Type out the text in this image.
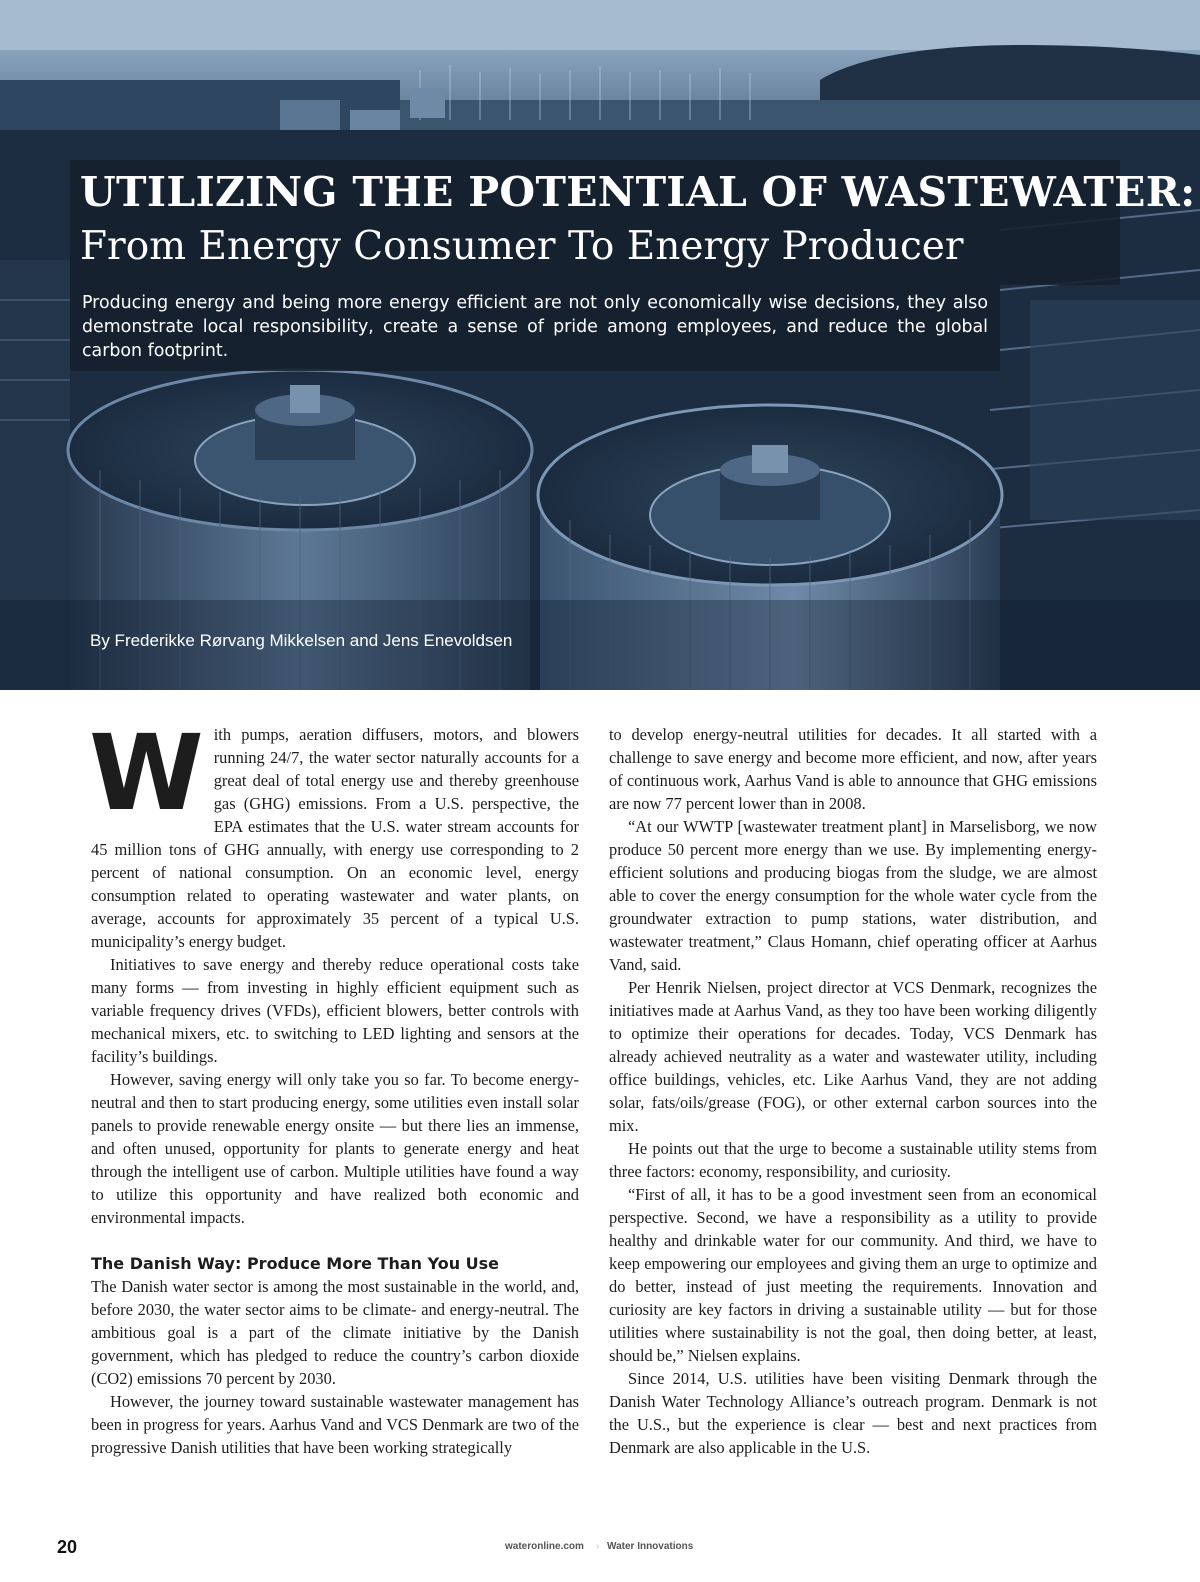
UTILIZING THE POTENTIAL OF WASTEWATER:
From Energy Consumer To Energy Producer
Producing energy and being more energy efficient are not only economically wise decisions, they also demonstrate local responsibility, create a sense of pride among employees, and reduce the global carbon footprint.
By Frederikke Rørvang Mikkelsen and Jens Enevoldsen

With pumps, aeration diffusers, motors, and blowers running 24/7, the water sector naturally accounts for a great deal of total energy use and thereby greenhouse gas (GHG) emissions. From a U.S. perspective, the EPA estimates that the U.S. water stream accounts for 45 million tons of GHG annually, with energy use corresponding to 2 percent of national consumption. On an economic level, energy consumption related to operating wastewater and water plants, on average, accounts for approximately 35 percent of a typical U.S. municipality’s energy budget.

Initiatives to save energy and thereby reduce operational costs take many forms — from investing in highly efficient equipment such as variable frequency drives (VFDs), efficient blowers, better controls with mechanical mixers, etc. to switching to LED lighting and sensors at the facility’s buildings.

However, saving energy will only take you so far. To become energy-neutral and then to start producing energy, some utilities even install solar panels to provide renewable energy onsite — but there lies an immense, and often unused, opportunity for plants to generate energy and heat through the intelligent use of carbon. Multiple utilities have found a way to utilize this opportunity and have realized both economic and environmental impacts.

The Danish Way: Produce More Than You Use

The Danish water sector is among the most sustainable in the world, and, before 2030, the water sector aims to be climate- and energy-neutral. The ambitious goal is a part of the climate initiative by the Danish government, which has pledged to reduce the country’s carbon dioxide (CO2) emissions 70 percent by 2030.

However, the journey toward sustainable wastewater management has been in progress for years. Aarhus Vand and VCS Denmark are two of the progressive Danish utilities that have been working strategically

to develop energy-neutral utilities for decades. It all started with a challenge to save energy and become more efficient, and now, after years of continuous work, Aarhus Vand is able to announce that GHG emissions are now 77 percent lower than in 2008.

“At our WWTP [wastewater treatment plant] in Marselisborg, we now produce 50 percent more energy than we use. By implementing energy-efficient solutions and producing biogas from the sludge, we are almost able to cover the energy consumption for the whole water cycle from the groundwater extraction to pump stations, water distribution, and wastewater treatment,” Claus Homann, chief operating officer at Aarhus Vand, said.

Per Henrik Nielsen, project director at VCS Denmark, recognizes the initiatives made at Aarhus Vand, as they too have been working diligently to optimize their operations for decades. Today, VCS Denmark has already achieved neutrality as a water and wastewater utility, including office buildings, vehicles, etc. Like Aarhus Vand, they are not adding solar, fats/oils/grease (FOG), or other external carbon sources into the mix.

He points out that the urge to become a sustainable utility stems from three factors: economy, responsibility, and curiosity.

“First of all, it has to be a good investment seen from an economical perspective. Second, we have a responsibility as a utility to provide healthy and drinkable water for our community. And third, we have to keep empowering our employees and giving them an urge to optimize and do better, instead of just meeting the requirements. Innovation and curiosity are key factors in driving a sustainable utility — but for those utilities where sustainability is not the goal, then doing better, at least, should be,” Nielsen explains.

Since 2014, U.S. utilities have been visiting Denmark through the Danish Water Technology Alliance’s outreach program. Denmark is not the U.S., but the experience is clear — best and next practices from Denmark are also applicable in the U.S.

20	wateronline.com › Water Innovations
